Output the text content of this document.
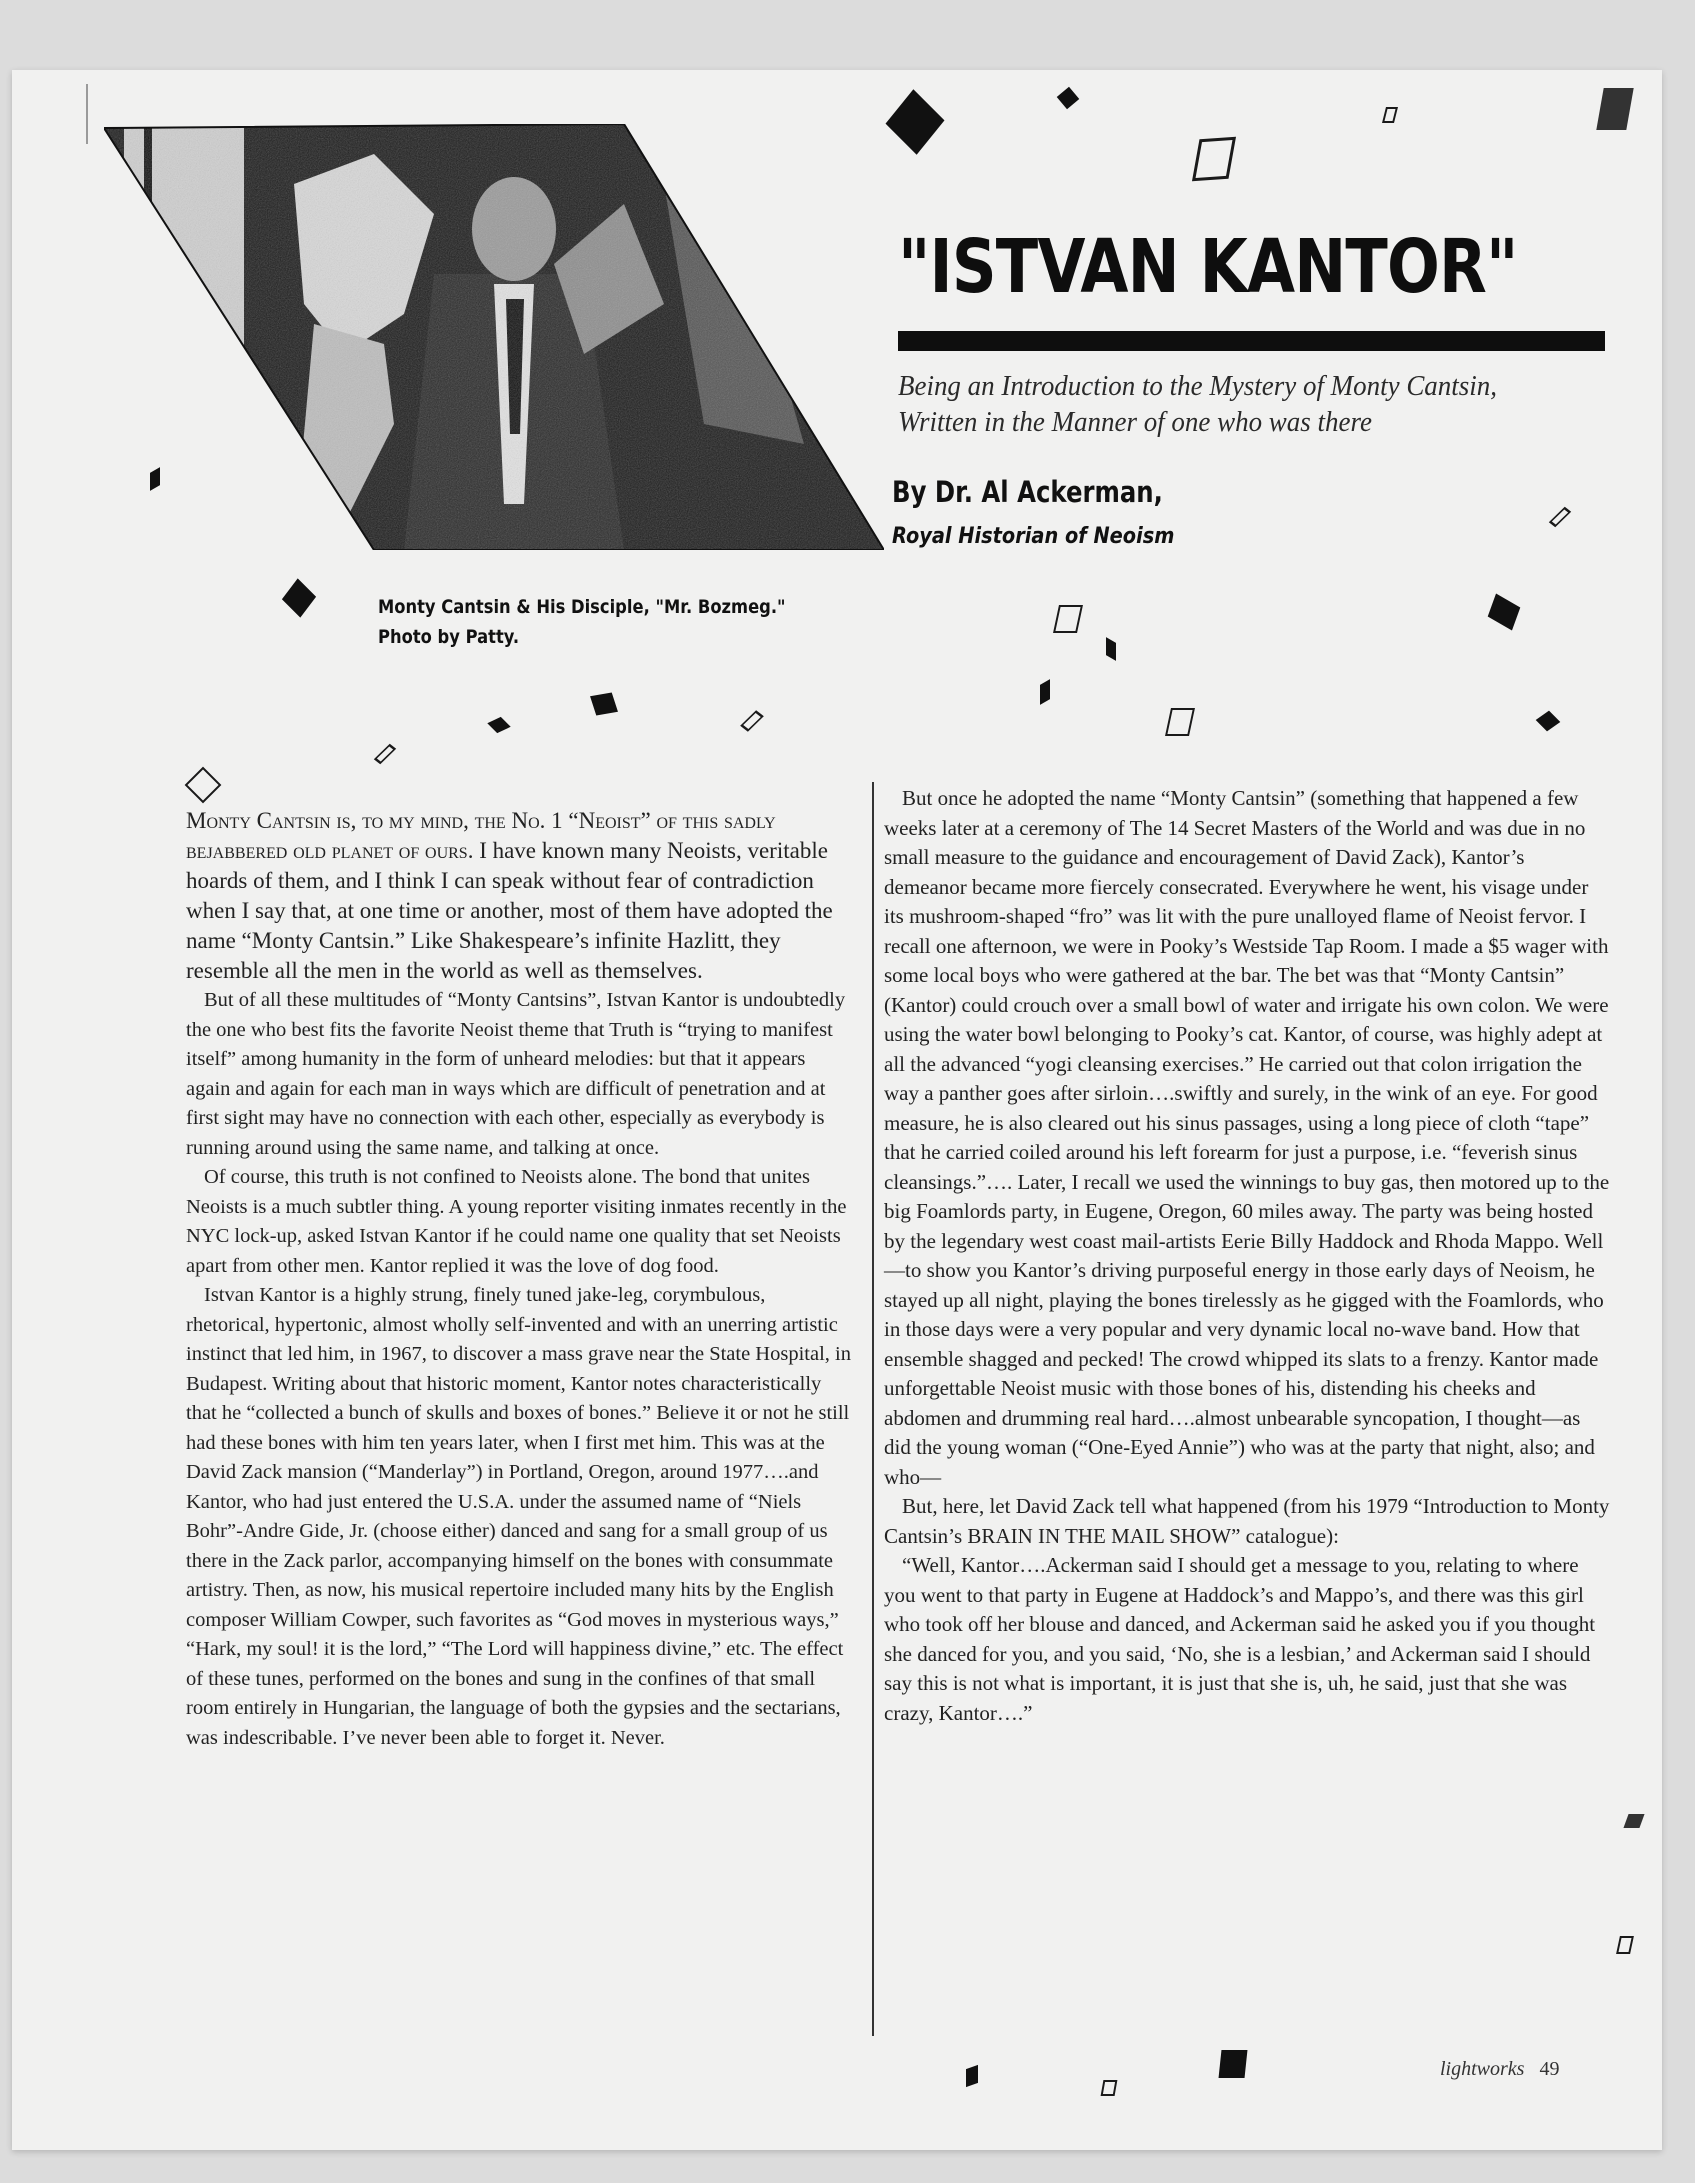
Monty Cantsin & His Disciple, "Mr. Bozmeg."
Photo by Patty.
"ISTVAN KANTOR"
Being an Introduction to the Mystery of Monty Cantsin, Written in the Manner of one who was there
By Dr. Al Ackerman,
Royal Historian of Neoism

Monty Cantsin is, to my mind, the No. 1 “Neoist” of this sadly bejabbered old planet of ours. I have known many Neoists, veritable hoards of them, and I think I can speak without fear of contradiction when I say that, at one time or another, most of them have adopted the name “Monty Cantsin.” Like Shakespeare’s infinite Hazlitt, they resemble all the men in the world as well as themselves.

But of all these multitudes of “Monty Cantsins”, Istvan Kantor is undoubtedly the one who best fits the favorite Neoist theme that Truth is “trying to manifest itself” among humanity in the form of unheard melodies: but that it appears again and again for each man in ways which are difficult of penetration and at first sight may have no connection with each other, especially as everybody is running around using the same name, and talking at once.

Of course, this truth is not confined to Neoists alone. The bond that unites Neoists is a much subtler thing. A young reporter visiting inmates recently in the NYC lock-up, asked Istvan Kantor if he could name one quality that set Neoists apart from other men. Kantor replied it was the love of dog food.

Istvan Kantor is a highly strung, finely tuned jake-leg, corymbulous, rhetorical, hypertonic, almost wholly self-invented and with an unerring artistic instinct that led him, in 1967, to discover a mass grave near the State Hospital, in Budapest. Writing about that historic moment, Kantor notes characteristically that he “collected a bunch of skulls and boxes of bones.” Believe it or not he still had these bones with him ten years later, when I first met him. This was at the David Zack mansion (“Manderlay”) in Portland, Oregon, around 1977….and Kantor, who had just entered the U.S.A. under the assumed name of “Niels Bohr”-Andre Gide, Jr. (choose either) danced and sang for a small group of us there in the Zack parlor, accompanying himself on the bones with consummate artistry. Then, as now, his musical repertoire included many hits by the English composer William Cowper, such favorites as “God moves in mysterious ways,” “Hark, my soul! it is the lord,” “The Lord will happiness divine,” etc. The effect of these tunes, performed on the bones and sung in the confines of that small room entirely in Hungarian, the language of both the gypsies and the sectarians, was indescribable. I’ve never been able to forget it. Never.

But once he adopted the name “Monty Cantsin” (something that happened a few weeks later at a ceremony of The 14 Secret Masters of the World and was due in no small measure to the guidance and encouragement of David Zack), Kantor’s demeanor became more fiercely consecrated. Everywhere he went, his visage under its mushroom-shaped “fro” was lit with the pure unalloyed flame of Neoist fervor. I recall one afternoon, we were in Pooky’s Westside Tap Room. I made a $5 wager with some local boys who were gathered at the bar. The bet was that “Monty Cantsin” (Kantor) could crouch over a small bowl of water and irrigate his own colon. We were using the water bowl belonging to Pooky’s cat. Kantor, of course, was highly adept at all the advanced “yogi cleansing exercises.” He carried out that colon irrigation the way a panther goes after sirloin….swiftly and surely, in the wink of an eye. For good measure, he is also cleared out his sinus passages, using a long piece of cloth “tape” that he carried coiled around his left forearm for just a purpose, i.e. “feverish sinus cleansings.”…. Later, I recall we used the winnings to buy gas, then motored up to the big Foamlords party, in Eugene, Oregon, 60 miles away. The party was being hosted by the legendary west coast mail-artists Eerie Billy Haddock and Rhoda Mappo. Well—to show you Kantor’s driving purposeful energy in those early days of Neoism, he stayed up all night, playing the bones tirelessly as he gigged with the Foamlords, who in those days were a very popular and very dynamic local no-wave band. How that ensemble shagged and pecked! The crowd whipped its slats to a frenzy. Kantor made unforgettable Neoist music with those bones of his, distending his cheeks and abdomen and drumming real hard….almost unbearable syncopation, I thought—as did the young woman (“One-Eyed Annie”) who was at the party that night, also; and who—

But, here, let David Zack tell what happened (from his 1979 “Introduction to Monty Cantsin’s BRAIN IN THE MAIL SHOW” catalogue):

“Well, Kantor….Ackerman said I should get a message to you, relating to where you went to that party in Eugene at Haddock’s and Mappo’s, and there was this girl who took off her blouse and danced, and Ackerman said he asked you if you thought she danced for you, and you said, ‘No, she is a lesbian,’ and Ackerman said I should say this is not what is important, it is just that she is, uh, he said, just that she was crazy, Kantor….”

lightworks 49
